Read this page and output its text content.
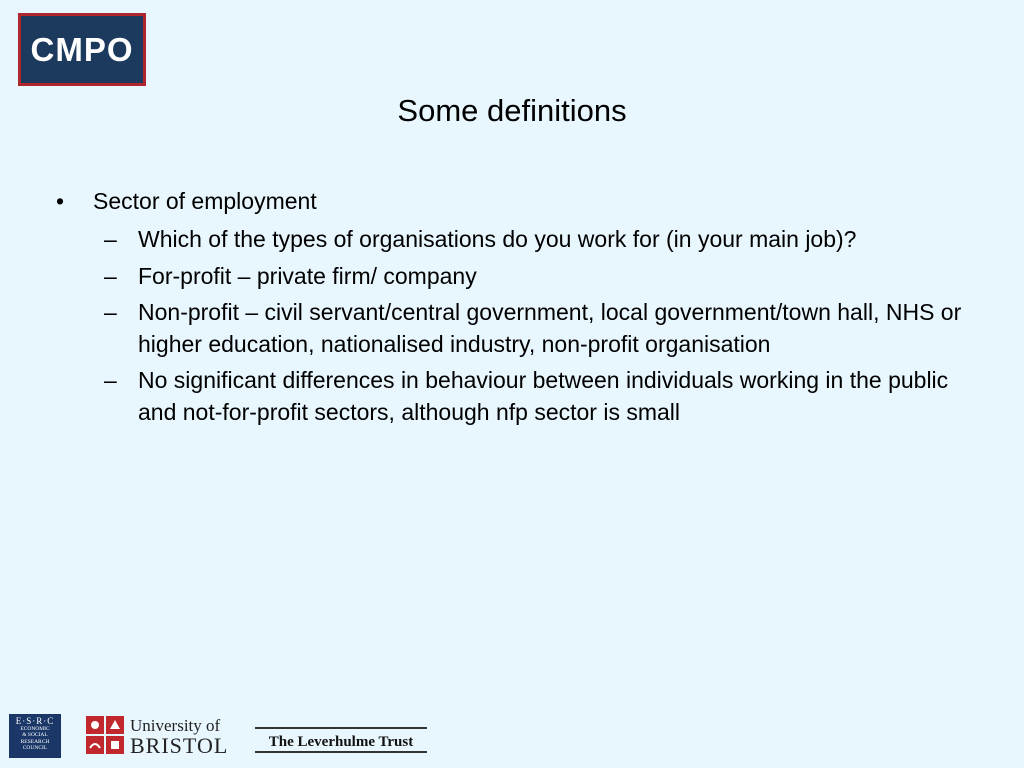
CMPO
Some definitions
• Sector of employment
– Which of the types of organisations do you work for (in your main job)?
– For-profit – private firm/ company
– Non-profit – civil servant/central government, local government/town hall, NHS or higher education, nationalised industry, non-profit organisation
– No significant differences in behaviour between individuals working in the public and not-for-profit sectors, although nfp sector is small
E·S·R·C
ECONOMIC
& SOCIAL
RESEARCH
COUNCIL
University of
BRISTOL	The Leverhulme Trust
